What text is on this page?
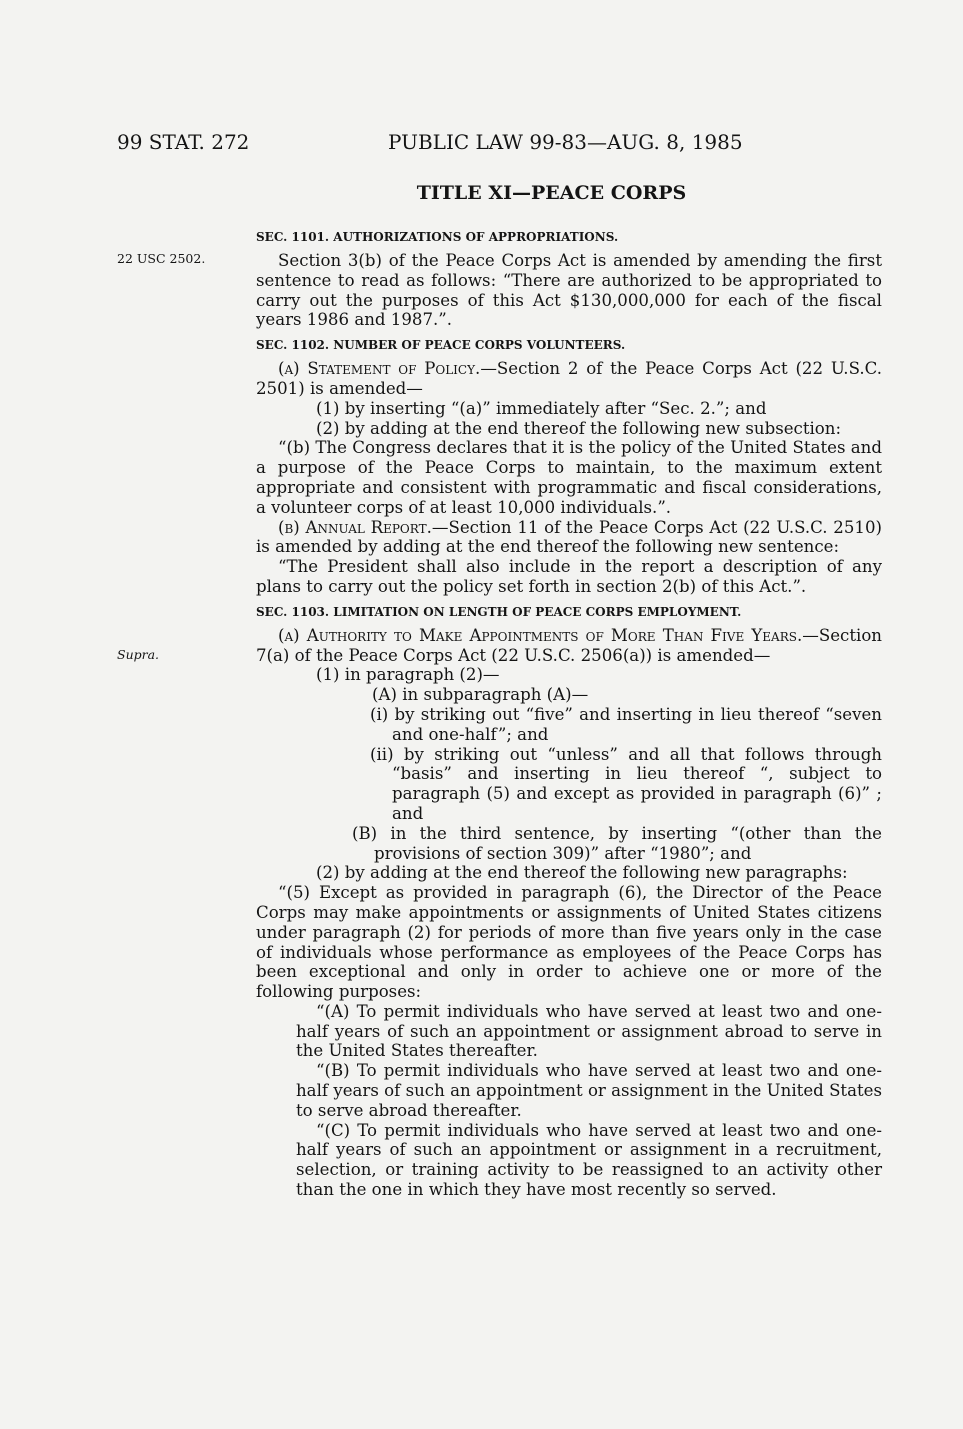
99 STAT. 272	PUBLIC LAW 99-83—AUG. 8, 1985
TITLE XI—PEACE CORPS
22 USC 2502.
Supra.
SEC. 1101. AUTHORIZATIONS OF APPROPRIATIONS.

Section 3(b) of the Peace Corps Act is amended by amending the first sentence to read as follows: “There are authorized to be appropriated to carry out the purposes of this Act $130,000,000 for each of the fiscal years 1986 and 1987.”.

SEC. 1102. NUMBER OF PEACE CORPS VOLUNTEERS.

(a) Statement of Policy.—Section 2 of the Peace Corps Act (22 U.S.C. 2501) is amended—

(1) by inserting “(a)” immediately after “Sec. 2.”; and

(2) by adding at the end thereof the following new subsection:

“(b) The Congress declares that it is the policy of the United States and a purpose of the Peace Corps to maintain, to the maximum extent appropriate and consistent with programmatic and fiscal considerations, a volunteer corps of at least 10,000 individuals.”.

(b) Annual Report.—Section 11 of the Peace Corps Act (22 U.S.C. 2510) is amended by adding at the end thereof the following new sentence:

“The President shall also include in the report a description of any plans to carry out the policy set forth in section 2(b) of this Act.”.

SEC. 1103. LIMITATION ON LENGTH OF PEACE CORPS EMPLOYMENT.

(a) Authority to Make Appointments of More Than Five Years.—Section 7(a) of the Peace Corps Act (22 U.S.C. 2506(a)) is amended—

(1) in paragraph (2)—

(A) in subparagraph (A)—

(i) by striking out “five” and inserting in lieu thereof “seven and one-half”; and

(ii) by striking out “unless” and all that follows through “basis” and inserting in lieu thereof “, subject to paragraph (5) and except as provided in paragraph (6)” ; and

(B) in the third sentence, by inserting “(other than the provisions of section 309)” after “1980”; and

(2) by adding at the end thereof the following new paragraphs:

“(5) Except as provided in paragraph (6), the Director of the Peace Corps may make appointments or assignments of United States citizens under paragraph (2) for periods of more than five years only in the case of individuals whose performance as employees of the Peace Corps has been exceptional and only in order to achieve one or more of the following purposes:

“(A) To permit individuals who have served at least two and one-half years of such an appointment or assignment abroad to serve in the United States thereafter.

“(B) To permit individuals who have served at least two and one-half years of such an appointment or assignment in the United States to serve abroad thereafter.

“(C) To permit individuals who have served at least two and one-half years of such an appointment or assignment in a recruitment, selection, or training activity to be reassigned to an activity other than the one in which they have most recently so served.
